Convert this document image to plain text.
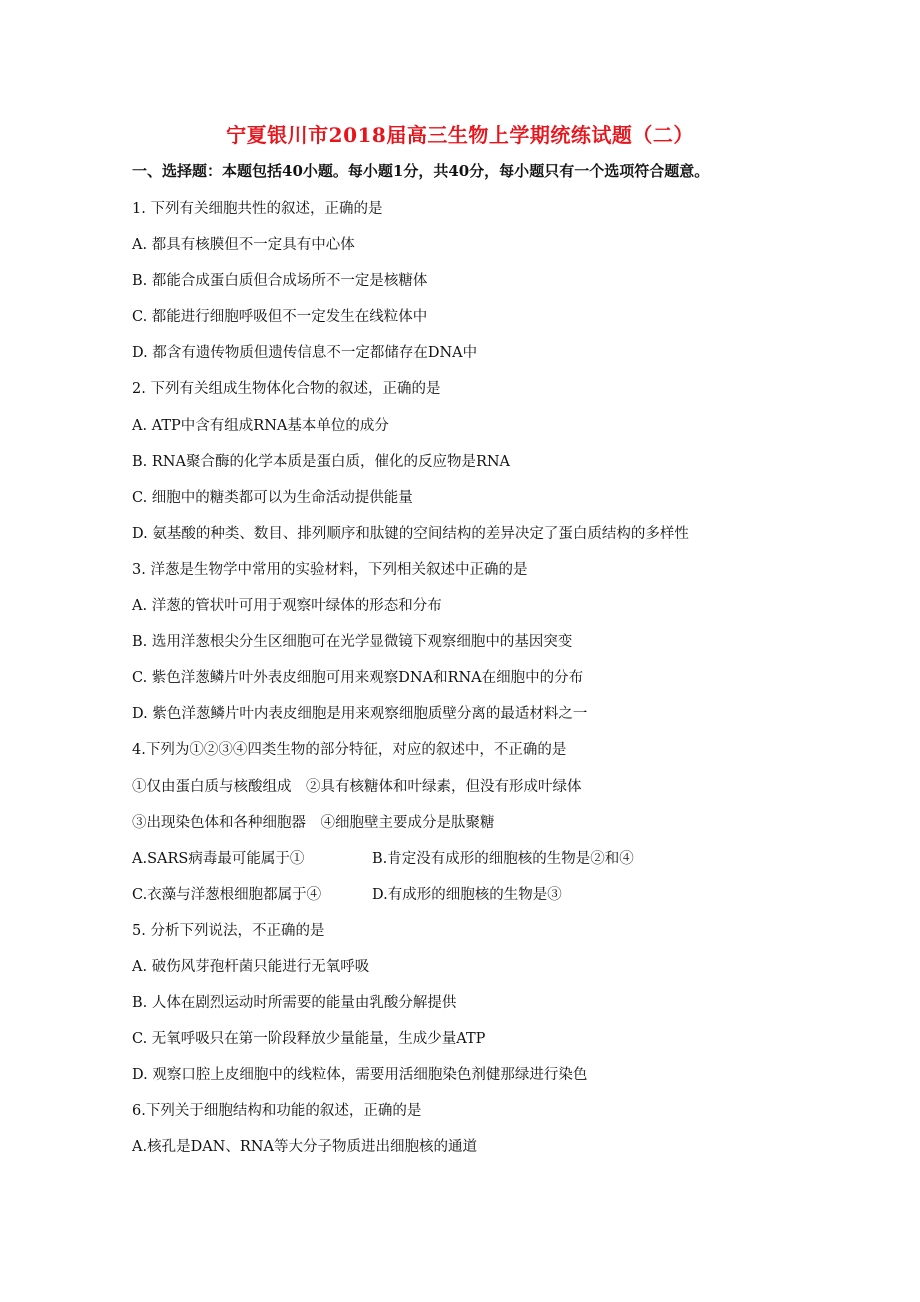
宁夏银川市2018届高三生物上学期统练试题（二）
一、选择题：本题包括40小题。每小题1分，共40分，每小题只有一个选项符合题意。
1. 下列有关细胞共性的叙述，正确的是
A. 都具有核膜但不一定具有中心体
B. 都能合成蛋白质但合成场所不一定是核糖体
C. 都能进行细胞呼吸但不一定发生在线粒体中
D. 都含有遗传物质但遗传信息不一定都储存在DNA中
2. 下列有关组成生物体化合物的叙述，正确的是
A. ATP中含有组成RNA基本单位的成分
B. RNA聚合酶的化学本质是蛋白质，催化的反应物是RNA
C. 细胞中的糖类都可以为生命活动提供能量
D. 氨基酸的种类、数目、排列顺序和肽键的空间结构的差异决定了蛋白质结构的多样性
3. 洋葱是生物学中常用的实验材料，下列相关叙述中正确的是
A. 洋葱的管状叶可用于观察叶绿体的形态和分布
B. 选用洋葱根尖分生区细胞可在光学显微镜下观察细胞中的基因突变
C. 紫色洋葱鳞片叶外表皮细胞可用来观察DNA和RNA在细胞中的分布
D. 紫色洋葱鳞片叶内表皮细胞是用来观察细胞质壁分离的最适材料之一
4.下列为①②③④四类生物的部分特征，对应的叙述中，不正确的是
①仅由蛋白质与核酸组成　②具有核糖体和叶绿素，但没有形成叶绿体
③出现染色体和各种细胞器　④细胞壁主要成分是肽聚糖
A.SARS病毒最可能属于①	B.肯定没有成形的细胞核的生物是②和④
C.衣藻与洋葱根细胞都属于④	D.有成形的细胞核的生物是③
5. 分析下列说法，不正确的是
A. 破伤风芽孢杆菌只能进行无氧呼吸
B. 人体在剧烈运动时所需要的能量由乳酸分解提供
C. 无氧呼吸只在第一阶段释放少量能量，生成少量ATP
D. 观察口腔上皮细胞中的线粒体，需要用活细胞染色剂健那绿进行染色
6.下列关于细胞结构和功能的叙述，正确的是
A.核孔是DAN、RNA等大分子物质进出细胞核的通道
